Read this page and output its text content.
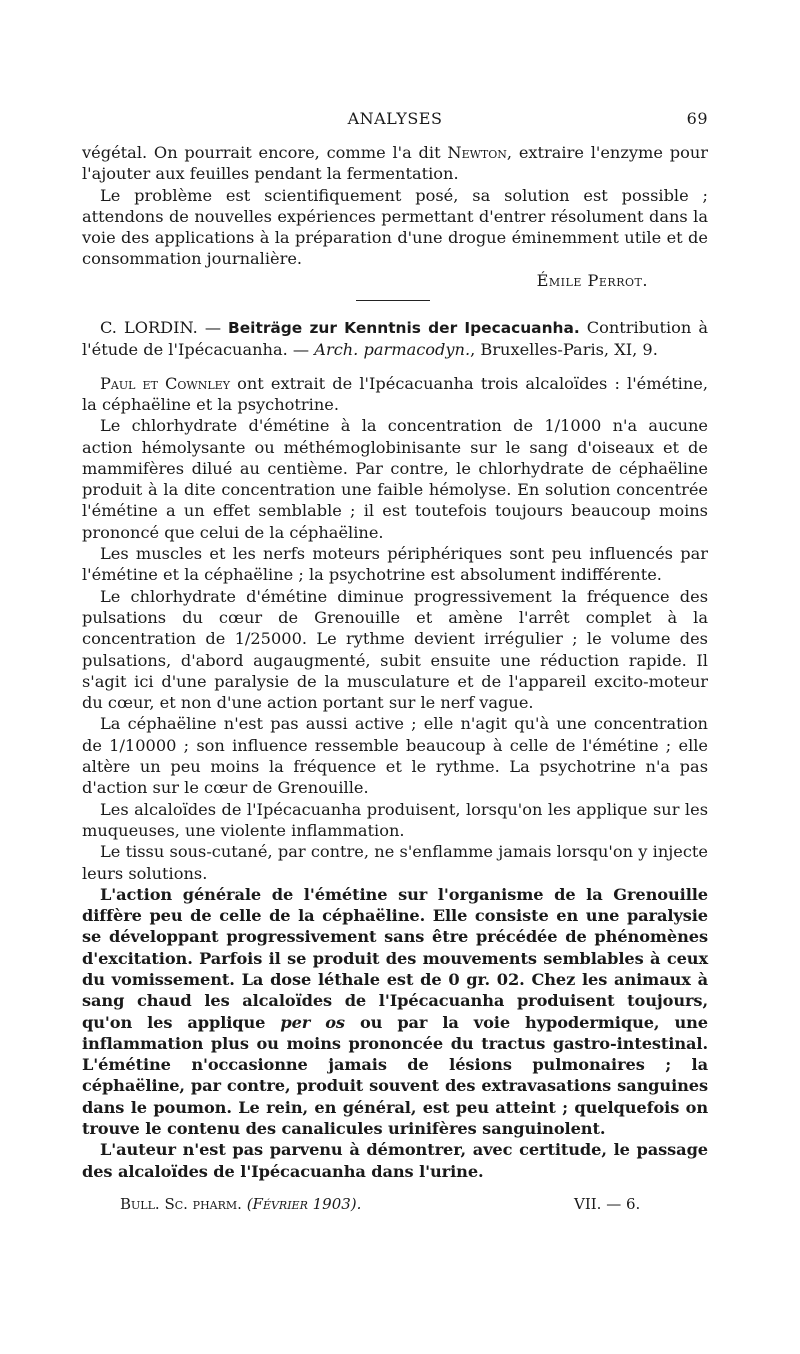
ANALYSES	69

végétal. On pourrait encore, comme l'a dit Newton, extraire l'enzyme pour l'ajouter aux feuilles pendant la fermentation.

Le problème est scientifiquement posé, sa solution est possible ; attendons de nouvelles expériences permettant d'entrer résolument dans la voie des applications à la préparation d'une drogue éminemment utile et de consommation journalière.

Émile Perrot.

C. LORDIN. — Beiträge zur Kenntnis der Ipecacuanha. Contribution à l'étude de l'Ipécacuanha. — Arch. parmacodyn., Bruxelles-Paris, XI, 9.

Paul et Cownley ont extrait de l'Ipécacuanha trois alcaloïdes : l'émétine, la céphaëline et la psychotrine.

Le chlorhydrate d'émétine à la concentration de 1/1000 n'a aucune action hémolysante ou méthémoglobinisante sur le sang d'oiseaux et de mammifères dilué au centième. Par contre, le chlorhydrate de céphaëline produit à la dite concentration une faible hémolyse. En solution concentrée l'émétine a un effet semblable ; il est toutefois toujours beaucoup moins prononcé que celui de la céphaëline.

Les muscles et les nerfs moteurs périphériques sont peu influencés par l'émétine et la céphaëline ; la psychotrine est absolument indifférente.

Le chlorhydrate d'émétine diminue progressivement la fréquence des pulsations du cœur de Grenouille et amène l'arrêt complet à la concentration de 1/25000. Le rythme devient irrégulier ; le volume des pulsations, d'abord augaugmenté, subit ensuite une réduction rapide. Il s'agit ici d'une paralysie de la musculature et de l'appareil excito-moteur du cœur, et non d'une action portant sur le nerf vague.

La céphaëline n'est pas aussi active ; elle n'agit qu'à une concentration de 1/10000 ; son influence ressemble beaucoup à celle de l'émétine ; elle altère un peu moins la fréquence et le rythme. La psychotrine n'a pas d'action sur le cœur de Grenouille.

Les alcaloïdes de l'Ipécacuanha produisent, lorsqu'on les applique sur les muqueuses, une violente inflammation.

Le tissu sous-cutané, par contre, ne s'enflamme jamais lorsqu'on y injecte leurs solutions.

L'action générale de l'émétine sur l'organisme de la Grenouille diffère peu de celle de la céphaëline. Elle consiste en une paralysie se développant progressivement sans être précédée de phénomènes d'excitation. Parfois il se produit des mouvements semblables à ceux du vomissement. La dose léthale est de 0 gr. 02. Chez les animaux à sang chaud les alcaloïdes de l'Ipécacuanha produisent toujours, qu'on les applique per os ou par la voie hypodermique, une inflammation plus ou moins prononcée du tractus gastro-intestinal. L'émétine n'occasionne jamais de lésions pulmonaires ; la céphaëline, par contre, produit souvent des extravasations sanguines dans le poumon. Le rein, en général, est peu atteint ; quelquefois on trouve le contenu des canalicules urinifères sanguinolent.

L'auteur n'est pas parvenu à démontrer, avec certitude, le passage des alcaloïdes de l'Ipécacuanha dans l'urine.

Bull. Sc. pharm. (Février 1903).	VII. — 6.
